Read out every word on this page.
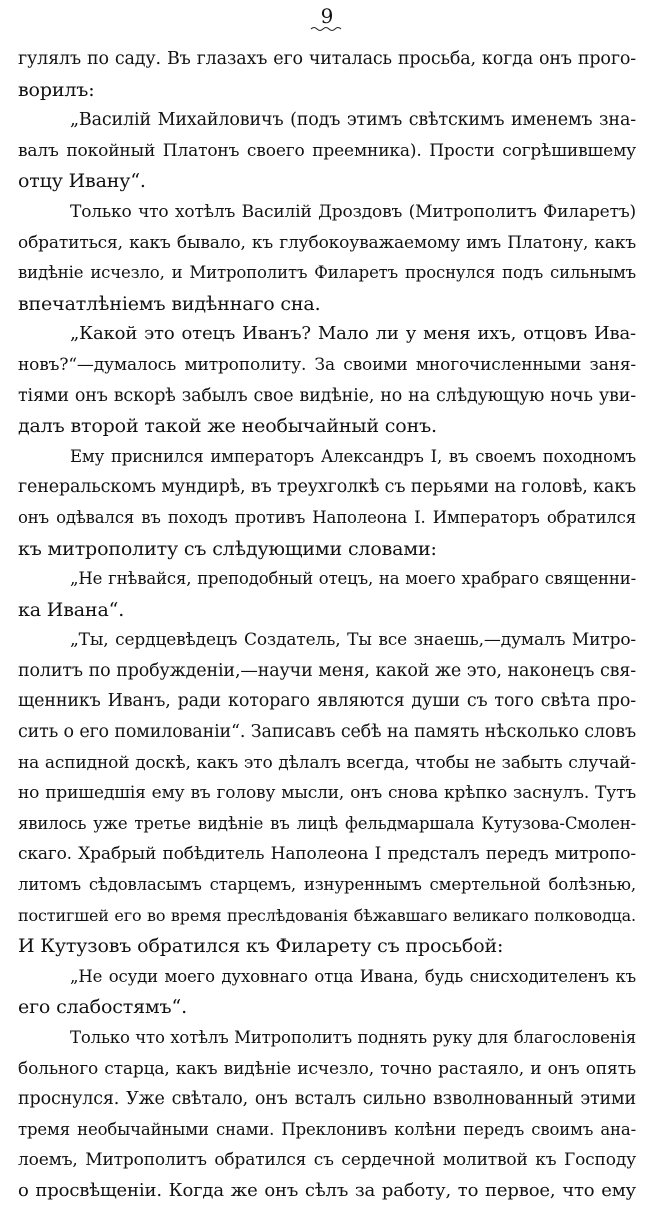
9
гулялъ по саду. Въ глазахъ его читалась просьба, когда онъ прого-
ворилъ:
„Василій Михайловичъ (подъ этимъ свѣтскимъ именемъ зна-
валъ покойный Платонъ своего преемника). Прости согрѣшившему
отцу Ивану“.
Только что хотѣлъ Василій Дроздовъ (Митрополитъ Филаретъ)
обратиться, какъ бывало, къ глубокоуважаемому имъ Платону, какъ
видѣніе исчезло, и Митрополитъ Филаретъ проснулся подъ сильнымъ
впечатлѣніемъ видѣннаго сна.
„Какой это отецъ Иванъ? Мало ли у меня ихъ, отцовъ Ива-
новъ?“—думалось митрополиту. За своими многочисленными заня-
тіями онъ вскорѣ забылъ свое видѣніе, но на слѣдующую ночь уви-
далъ второй такой же необычайный сонъ.
Ему приснился императоръ Александръ I, въ своемъ походномъ
генеральскомъ мундирѣ, въ треухголкѣ съ перьями на головѣ, какъ
онъ одѣвался въ походъ противъ Наполеона I. Императоръ обратился
къ митрополиту съ слѣдующими словами:
„Не гнѣвайся, преподобный отецъ, на моего храбраго священни-
ка Ивана“.
„Ты, сердцевѣдецъ Создатель, Ты все знаешь,—думалъ Митро-
политъ по пробужденіи,—научи меня, какой же это, наконецъ свя-
щенникъ Иванъ, ради котораго являются души съ того свѣта про-
сить о его помилованіи“. Записавъ себѣ на память нѣсколько словъ
на аспидной доскѣ, какъ это дѣлалъ всегда, чтобы не забыть случай-
но пришедшія ему въ голову мысли, онъ снова крѣпко заснулъ. Тутъ
явилось уже третье видѣніе въ лицѣ фельдмаршала Кутузова-Смолен-
скаго. Храбрый побѣдитель Наполеона I предсталъ передъ митропо-
литомъ сѣдовласымъ старцемъ, изнуреннымъ смертельной болѣзнью,
постигшей его во время преслѣдованія бѣжавшаго великаго полководца.
И Кутузовъ обратился къ Филарету съ просьбой:
„Не осуди моего духовнаго отца Ивана, будь снисходителенъ къ
его слабостямъ“.
Только что хотѣлъ Митрополитъ поднять руку для благословенія
больного старца, какъ видѣніе исчезло, точно растаяло, и онъ опять
проснулся. Уже свѣтало, онъ всталъ сильно взволнованный этими
тремя необычайными снами. Преклонивъ колѣни передъ своимъ ана-
лоемъ, Митрополитъ обратился съ сердечной молитвой къ Господу
о просвѣщеніи. Когда же онъ сѣлъ за работу, то первое, что ему
